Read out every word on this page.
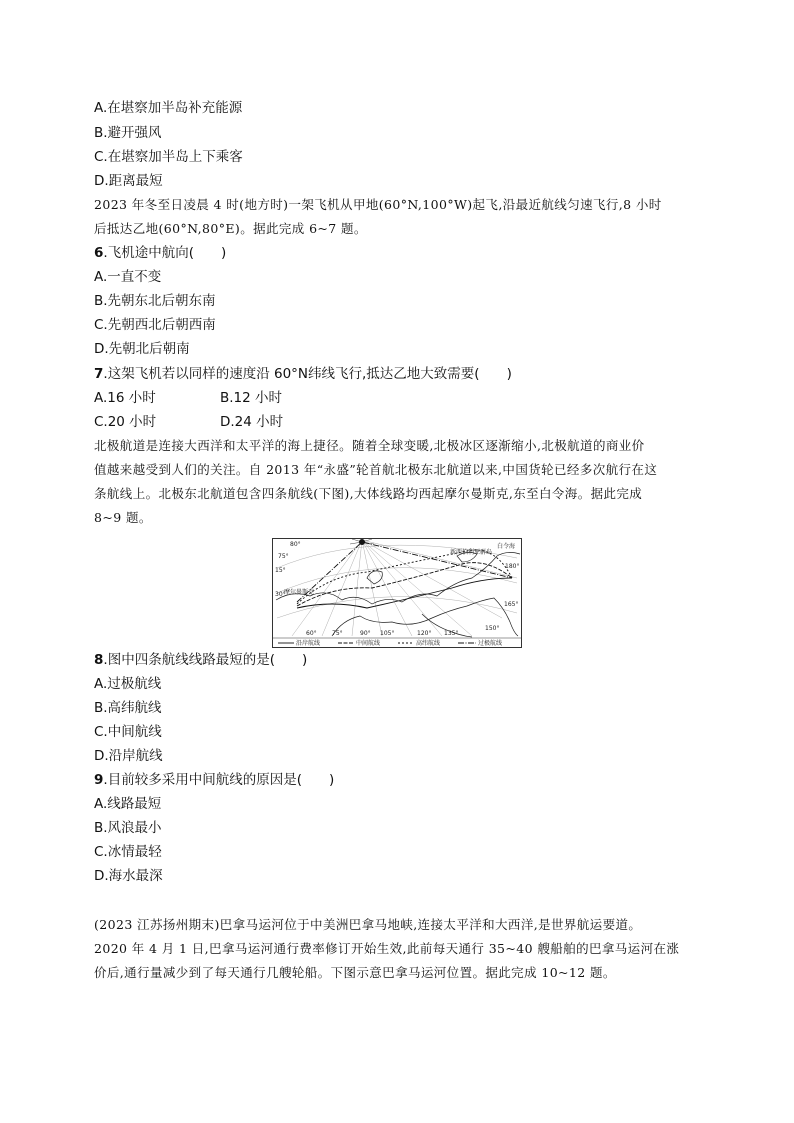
A.在堪察加半岛补充能源
B.避开强风
C.在堪察加半岛上下乘客
D.距离最短
2023 年冬至日凌晨 4 时(地方时)一架飞机从甲地(60°N,100°W)起飞,沿最近航线匀速飞行,8 小时
后抵达乙地(60°N,80°E)。据此完成 6~7 题。
6.飞机途中航向(　　)
A.一直不变
B.先朝东北后朝东南
C.先朝西北后朝西南
D.先朝北后朝南
7.这架飞机若以同样的速度沿 60°N纬线飞行,抵达乙地大致需要(　　)
A.16 小时	B.12 小时
C.20 小时	D.24 小时
北极航道是连接大西洋和太平洋的海上捷径。随着全球变暖,北极冰区逐渐缩小,北极航道的商业价
值越来越受到人们的关注。自 2013 年“永盛”轮首航北极东北航道以来,中国货轮已经多次航行在这
条航线上。北极东北航道包含四条航线(下图),大体线路均西起摩尔曼斯克,东至白令海。据此完成
8~9 题。
80°
75°
30°
15°
摩尔曼斯克
白令海
新西伯利亚群岛
60°	75°	90° 105°	120° 135°
150°
165°
180°
沿岸航线	中间航线	高纬航线	过极航线
8.图中四条航线线路最短的是(　　)
A.过极航线
B.高纬航线
C.中间航线
D.沿岸航线
9.目前较多采用中间航线的原因是(　　)
A.线路最短
B.风浪最小
C.冰情最轻
D.海水最深
(2023 江苏扬州期末)巴拿马运河位于中美洲巴拿马地峡,连接太平洋和大西洋,是世界航运要道。
2020 年 4 月 1 日,巴拿马运河通行费率修订开始生效,此前每天通行 35~40 艘船舶的巴拿马运河在涨
价后,通行量减少到了每天通行几艘轮船。下图示意巴拿马运河位置。据此完成 10~12 题。
